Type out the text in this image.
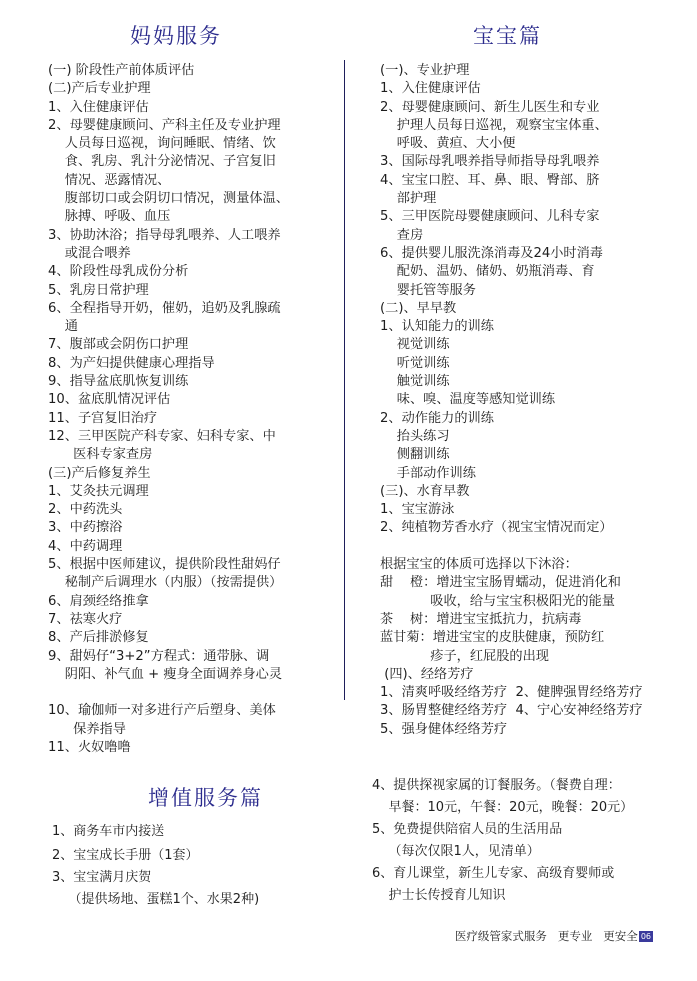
妈妈服务	宝宝篇
(一) 阶段性产前体质评估
(二)产后专业护理
1、入住健康评估
2、母婴健康顾问、产科主任及专业护理
人员每日巡视，询问睡眠、情绪、饮
食、乳房、乳汁分泌情况、子宫复旧
情况、恶露情况、
腹部切口或会阴切口情况，测量体温、
脉搏、呼吸、血压
3、协助沐浴；指导母乳喂养、人工喂养
或混合喂养
4、阶段性母乳成份分析
5、乳房日常护理
6、全程指导开奶，催奶，追奶及乳腺疏
通
7、腹部或会阴伤口护理
8、为产妇提供健康心理指导
9、指导盆底肌恢复训练
10、盆底肌情况评估
11、子宫复旧治疗
12、三甲医院产科专家、妇科专家、中
医科专家查房
(三)产后修复养生
1、艾灸扶元调理
2、中药洗头
3、中药擦浴
4、中药调理
5、根据中医师建议，提供阶段性甜妈仔
秘制产后调理水（内服）（按需提供）
6、肩颈经络推拿
7、祛寒火疗
8、产后排淤修复
9、甜妈仔“3+2”方程式：通带脉、调
阴阳、补气血 + 瘦身全面调养身心灵
10、瑜伽师一对多进行产后塑身、美体
保养指导
11、火奴噜噜
(一)、专业护理
1、入住健康评估
2、母婴健康顾问、新生儿医生和专业
护理人员每日巡视，观察宝宝体重、
呼吸、黄疸、大小便
3、国际母乳喂养指导师指导母乳喂养
4、宝宝口腔、耳、鼻、眼、臀部、脐
部护理
5、三甲医院母婴健康顾问、儿科专家
查房
6、提供婴儿服洗涤消毒及24小时消毒
配奶、温奶、储奶、奶瓶消毒、育
婴托管等服务
(二)、早早教
1、认知能力的训练
视觉训练
听觉训练
触觉训练
味、嗅、温度等感知觉训练
2、动作能力的训练
抬头练习
侧翻训练
手部动作训练
(三)、水育早教
1、宝宝游泳
2、纯植物芳香水疗（视宝宝情况而定）
根据宝宝的体质可选择以下沐浴：
甜    橙：增进宝宝肠胃蠕动，促进消化和
吸收，给与宝宝积极阳光的能量
茶    树：增进宝宝抵抗力，抗病毒
蓝甘菊：增进宝宝的皮肤健康，预防红
疹子，红屁股的出现
(四)、经络芳疗
1、清爽呼吸经络芳疗  2、健脾强胃经络芳疗
3、肠胃整健经络芳疗  4、宁心安神经络芳疗
5、强身健体经络芳疗
增值服务篇

1、商务车市内接送

2、宝宝成长手册（1套）

3、宝宝满月庆贺

（提供场地、蛋糕1个、水果2种)

4、提供探视家属的订餐服务。（餐费自理：

早餐：10元，午餐：20元，晚餐：20元）

5、免费提供陪宿人员的生活用品

（每次仅限1人，见清单）

6、育儿课堂，新生儿专家、高级育婴师或

护士长传授育儿知识

医疗级管家式服务   更专业   更安全 06
